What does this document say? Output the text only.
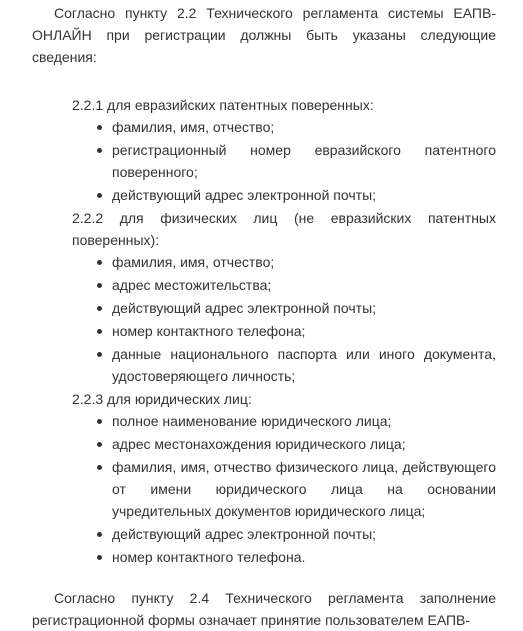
Согласно пункту 2.2 Технического регламента системы ЕАПВ-ОНЛАЙН при регистрации должны быть указаны следующие сведения:

2.2.1 для евразийских патентных поверенных:

фамилия, имя, отчество;
регистрационный номер евразийского патентного поверенного;
действующий адрес электронной почты;

2.2.2 для физических лиц (не евразийских патентных поверенных):

фамилия, имя, отчество;
адрес местожительства;
действующий адрес электронной почты;
номер контактного телефона;
данные национального паспорта или иного документа, удостоверяющего личность;

2.2.3 для юридических лиц:

полное наименование юридического лица;
адрес местонахождения юридического лица;
фамилия, имя, отчество физического лица, действующего от имени юридического лица на основании учредительных документов юридического лица;
действующий адрес электронной почты;
номер контактного телефона.

Согласно пункту 2.4 Технического регламента заполнение регистрационной формы означает принятие пользователем ЕАПВ-
